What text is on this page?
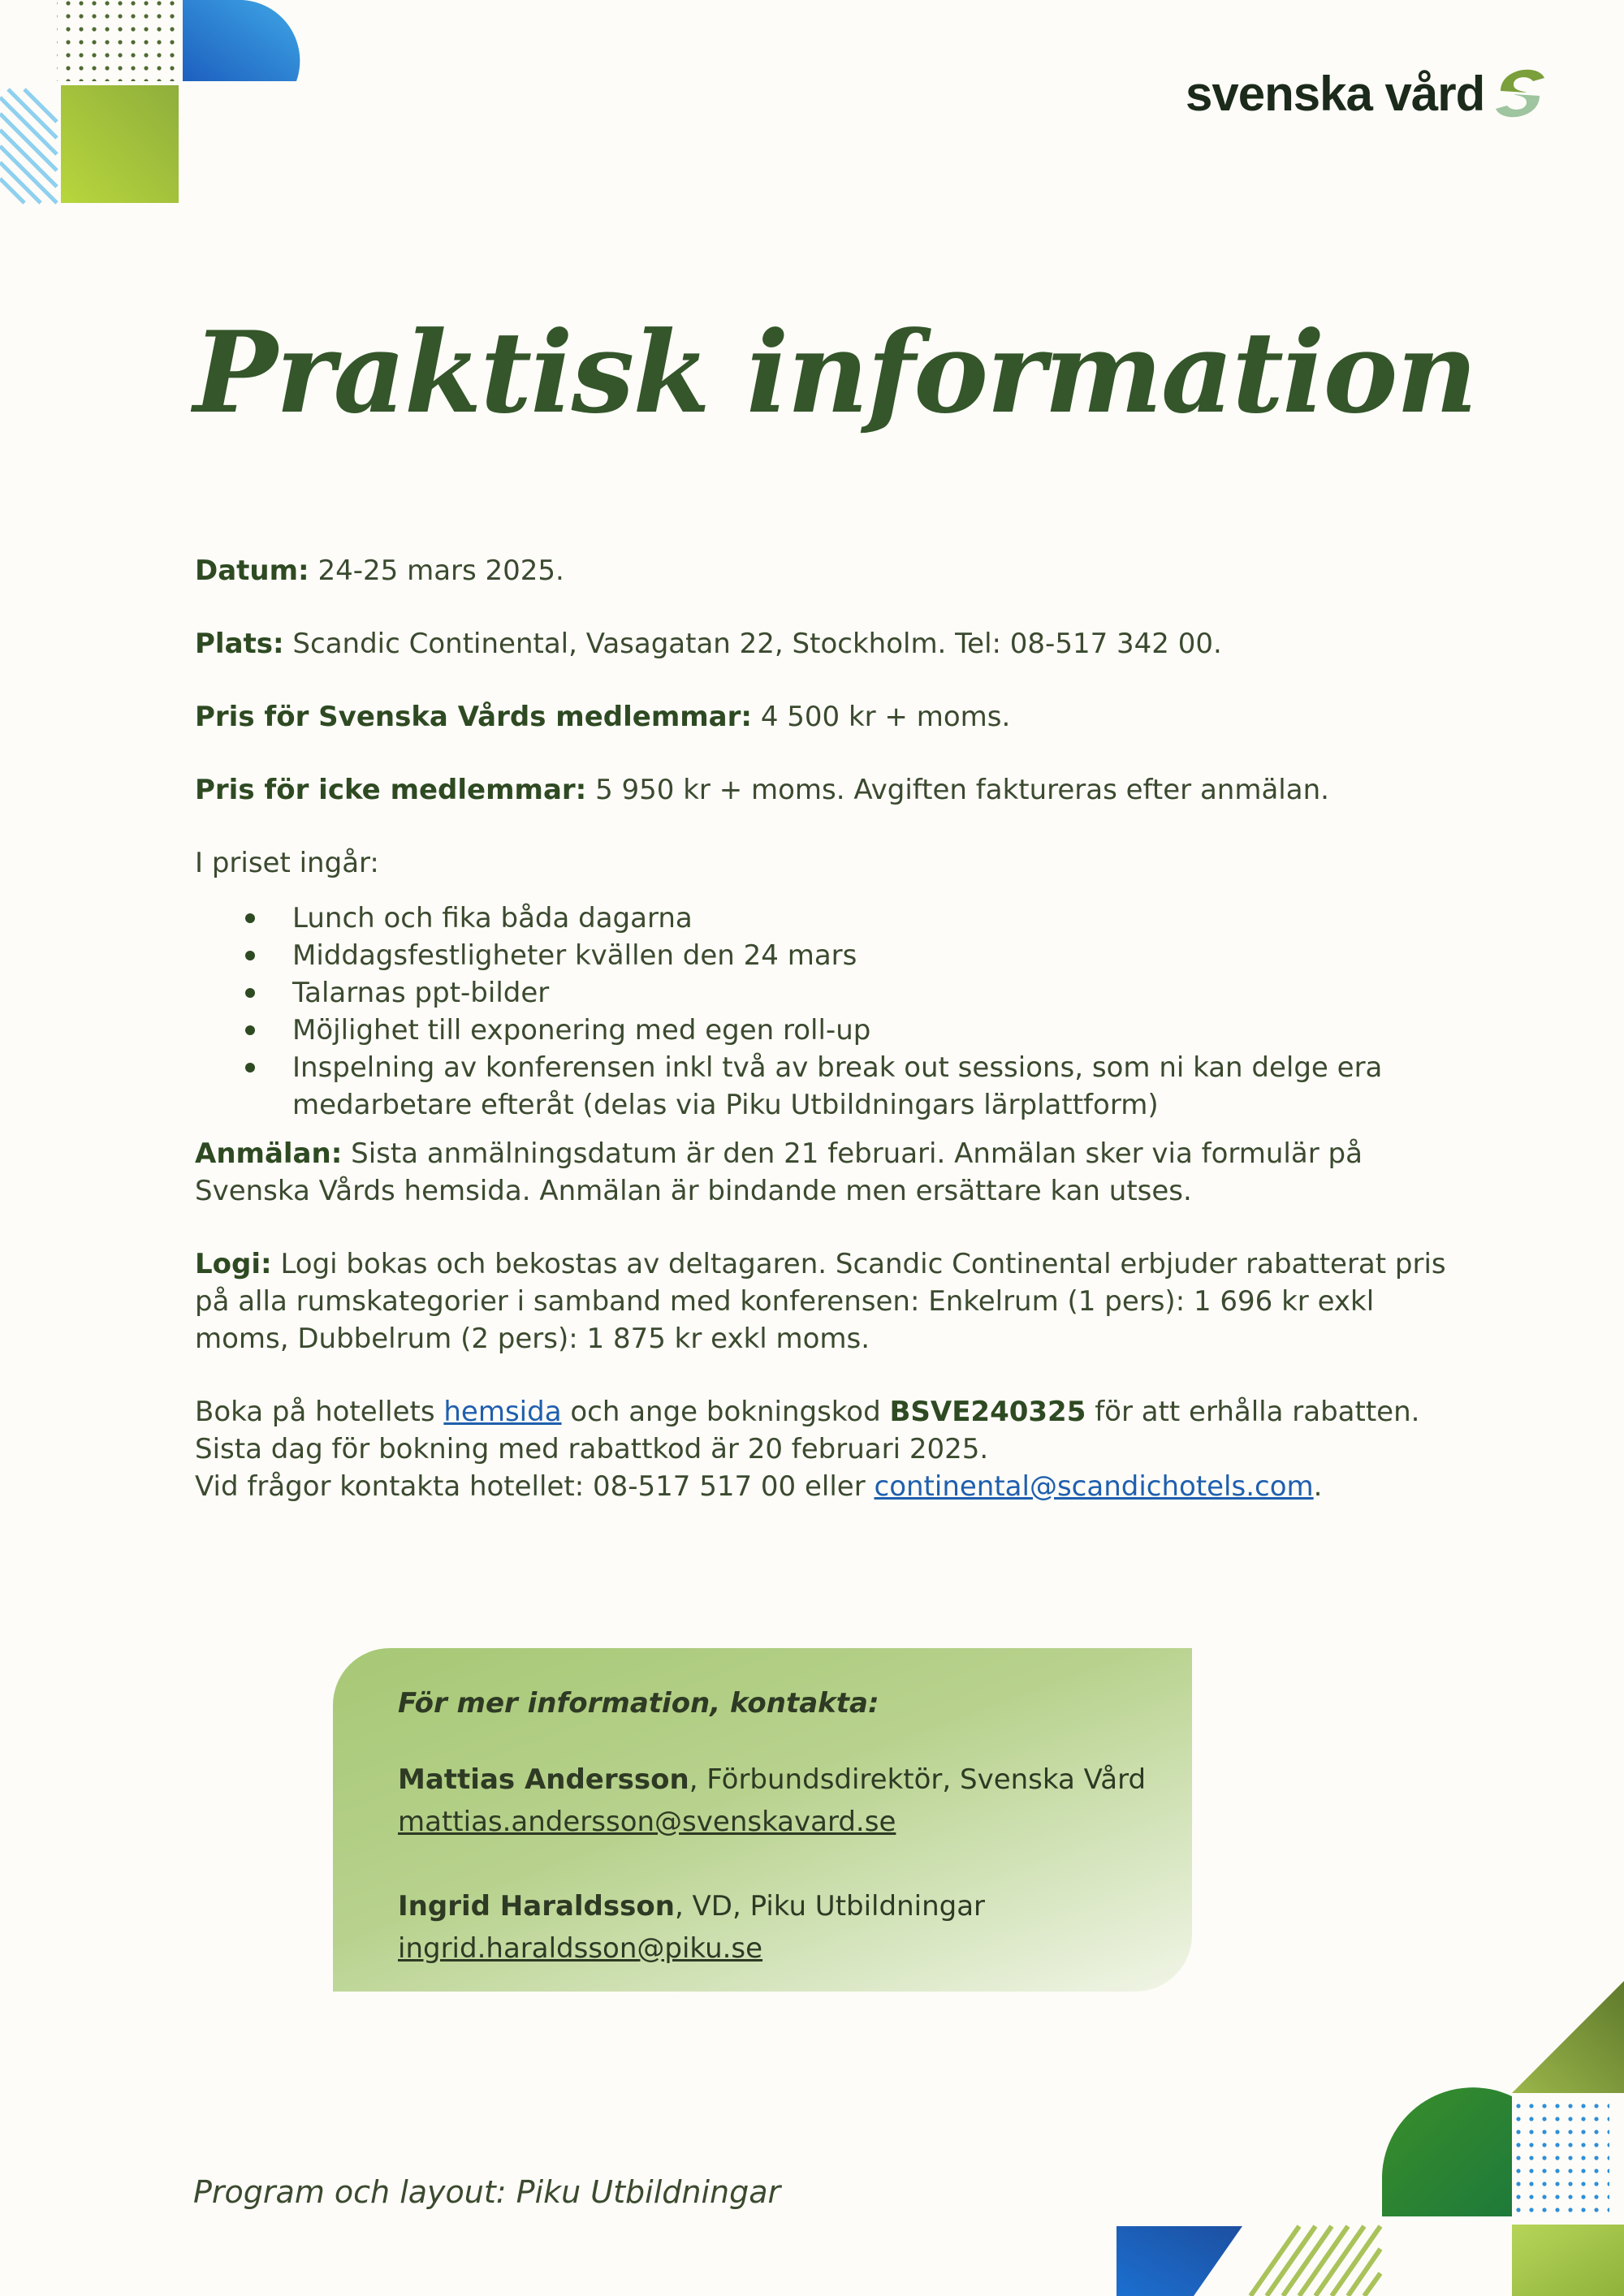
svenska vård
Praktisk information

Datum: 24-25 mars 2025.

Plats: Scandic Continental, Vasagatan 22, Stockholm. Tel: 08-517 342 00.

Pris för Svenska Vårds medlemmar: 4 500 kr + moms.

Pris för icke medlemmar: 5 950 kr + moms. Avgiften faktureras efter anmälan.

I priset ingår:

Lunch och fika båda dagarna
Middagsfestligheter kvällen den 24 mars
Talarnas ppt-bilder
Möjlighet till exponering med egen roll-up
Inspelning av konferensen inkl två av break out sessions, som ni kan delge era medarbetare efteråt (delas via Piku Utbildningars lärplattform)

Anmälan: Sista anmälningsdatum är den 21 februari. Anmälan sker via formulär på Svenska Vårds hemsida. Anmälan är bindande men ersättare kan utses.

Logi: Logi bokas och bekostas av deltagaren. Scandic Continental erbjuder rabatterat pris på alla rumskategorier i samband med konferensen: Enkelrum (1 pers): 1 696 kr exkl moms, Dubbelrum (2 pers): 1 875 kr exkl moms.

Boka på hotellets hemsida och ange bokningskod BSVE240325 för att erhålla rabatten.

Sista dag för bokning med rabattkod är 20 februari 2025.

Vid frågor kontakta hotellet: 08-517 517 00 eller continental@scandichotels.com.

För mer information, kontakta:

Mattias Andersson, Förbundsdirektör, Svenska Vård

mattias.andersson@svenskavard.se

Ingrid Haraldsson, VD, Piku Utbildningar

ingrid.haraldsson@piku.se

Program och layout: Piku Utbildningar
